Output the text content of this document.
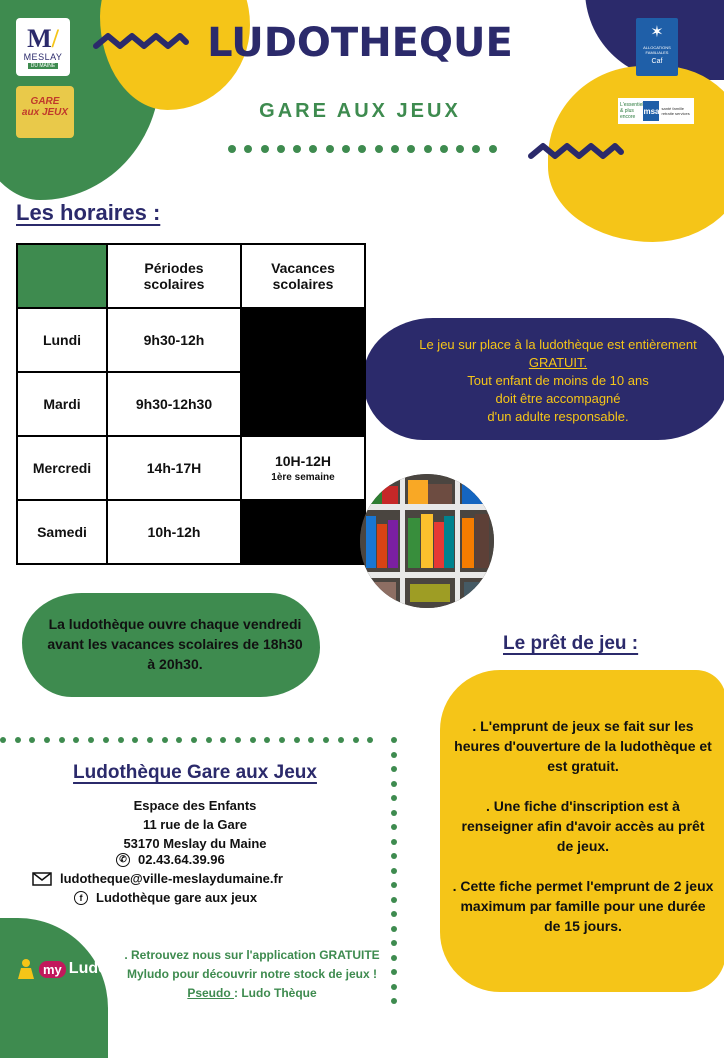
M/
MESLAY
DU MAINE
GARE
aux JEUX
✶
ALLOCATIONS FAMILIALES
Caf
L'essentiel & plus encore
msa santé famille retraite services
LUDOTHEQUE
GARE AUX JEUX
Les horaires :
	Périodes scolaires	Vacances scolaires
Lundi	9h30-12h	
Mardi	9h30-12h30	
Mercredi	14h-17H	10H-12H
1ère semaine

Samedi	10h-12h	
Le jeu sur place à la ludothèque est entièrement
GRATUIT.
Tout enfant de moins de 10 ans
doit être accompagné
d'un adulte responsable.
La ludothèque ouvre chaque vendredi avant les vacances scolaires de 18h30 à 20h30.
Le prêt de jeu :

. L'emprunt de jeux se fait sur les heures d'ouverture de la ludothèque et est gratuit.

. Une fiche d'inscription est à renseigner afin d'avoir accès au prêt de jeux.

. Cette fiche permet l'emprunt de 2 jeux maximum par famille pour une durée de 15 jours.

Ludothèque Gare aux Jeux
Espace des Enfants
11 rue de la Gare
53170 Meslay du Maine
✆ 02.43.64.39.96
ludotheque@ville-meslaydumaine.fr
f	Ludothèque gare aux jeux
my Ludo
. Retrouvez nous sur l'application GRATUITE Myludo pour découvrir notre stock de jeux ! Pseudo : Ludo Thèque
